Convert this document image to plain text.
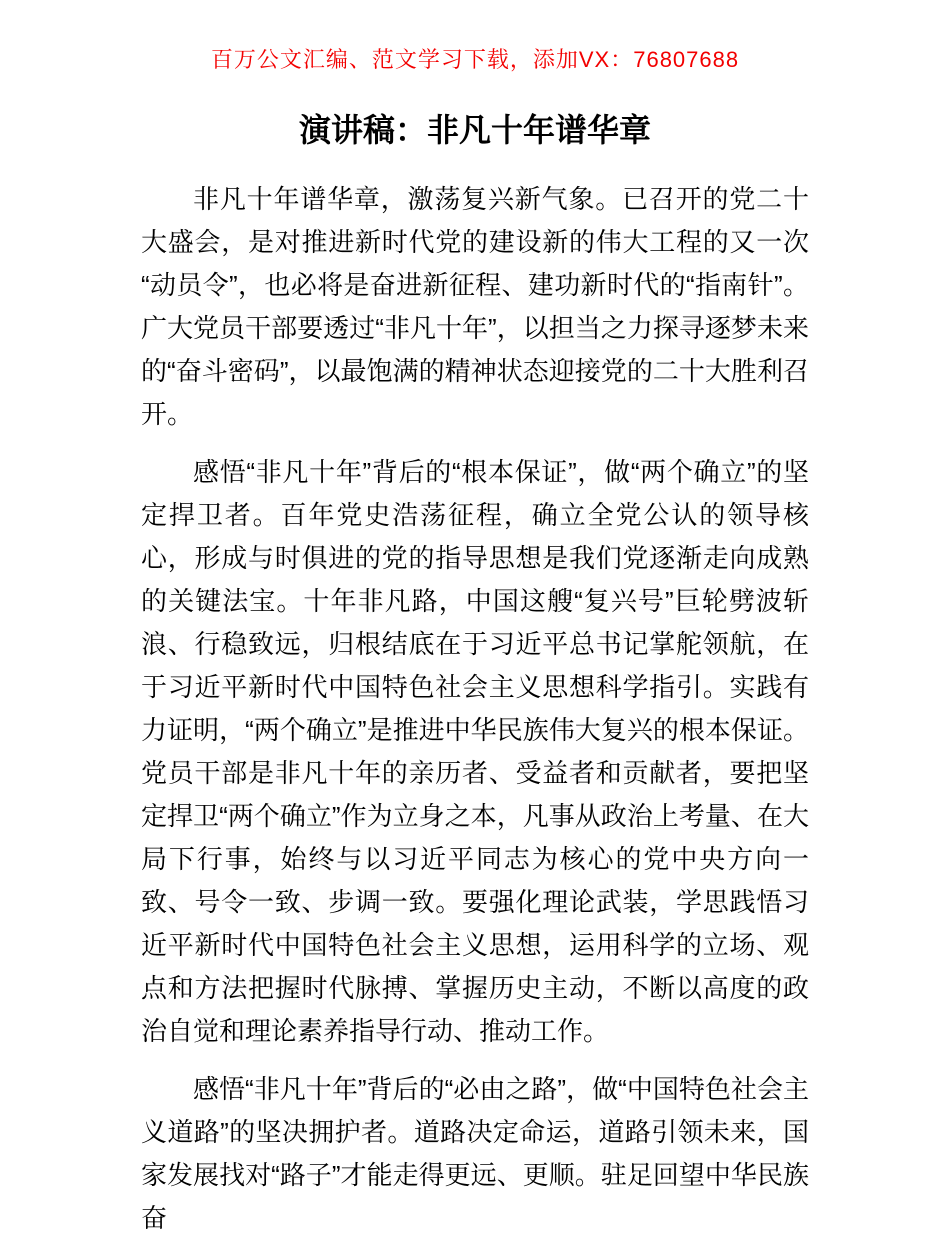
百万公文汇编、范文学习下载，添加VX：76807688
演讲稿：非凡十年谱华章

非凡十年谱华章，激荡复兴新气象。已召开的党二十大盛会，是对推进新时代党的建设新的伟大工程的又一次“动员令”，也必将是奋进新征程、建功新时代的“指南针”。广大党员干部要透过“非凡十年”，以担当之力探寻逐梦未来的“奋斗密码”，以最饱满的精神状态迎接党的二十大胜利召开。

感悟“非凡十年”背后的“根本保证”，做“两个确立”的坚定捍卫者。百年党史浩荡征程，确立全党公认的领导核心，形成与时俱进的党的指导思想是我们党逐渐走向成熟的关键法宝。十年非凡路，中国这艘“复兴号”巨轮劈波斩浪、行稳致远，归根结底在于习近平总书记掌舵领航，在于习近平新时代中国特色社会主义思想科学指引。实践有力证明，“两个确立”是推进中华民族伟大复兴的根本保证。党员干部是非凡十年的亲历者、受益者和贡献者，要把坚定捍卫“两个确立”作为立身之本，凡事从政治上考量、在大局下行事，始终与以习近平同志为核心的党中央方向一致、号令一致、步调一致。要强化理论武装，学思践悟习近平新时代中国特色社会主义思想，运用科学的立场、观点和方法把握时代脉搏、掌握历史主动，不断以高度的政治自觉和理论素养指导行动、推动工作。

感悟“非凡十年”背后的“必由之路”，做“中国特色社会主义道路”的坚决拥护者。道路决定命运，道路引领未来，国家发展找对“路子”才能走得更远、更顺。驻足回望中华民族奋
